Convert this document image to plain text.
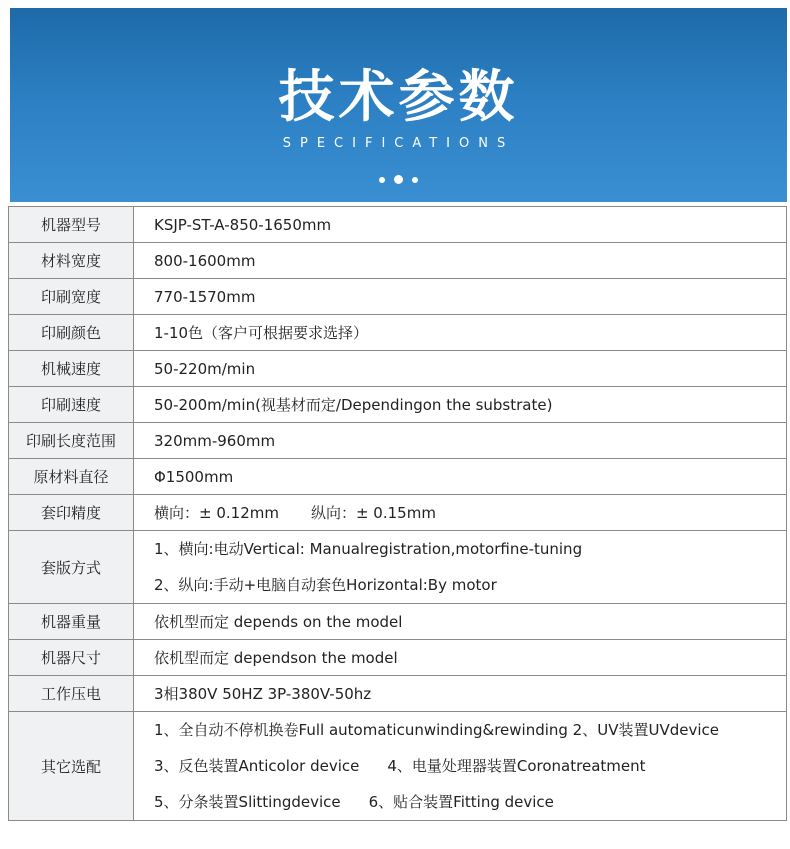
技术参数
SPECIFICATIONS
机器型号	KSJP-ST-A-850-1650mm
材料宽度	800-1600mm
印刷宽度	770-1570mm
印刷颜色	1-10色（客户可根据要求选择）
机械速度	50-220m/min
印刷速度	50-200m/min(视基材而定/Dependingon the substrate)
印刷长度范围	320mm-960mm
原材料直径	Φ1500mm
套印精度	横向：± 0.12mm 纵向：± 0.15mm
套版方式	1、横向:电动Vertical: Manualregistration,motorfine-tuning
2、纵向:手动+电脑自动套色Horizontal:By motor

机器重量	依机型而定 depends on the model
机器尺寸	依机型而定 dependson the model
工作压电	3相380V 50HZ 3P-380V-50hz
其它选配	1、全自动不停机换卷Full automaticunwinding&rewinding 2、UV装置UVdevice
3、反色装置Anticolor device 4、电量处理器装置Coronatreatment
5、分条装置Slittingdevice 6、贴合装置Fitting device
